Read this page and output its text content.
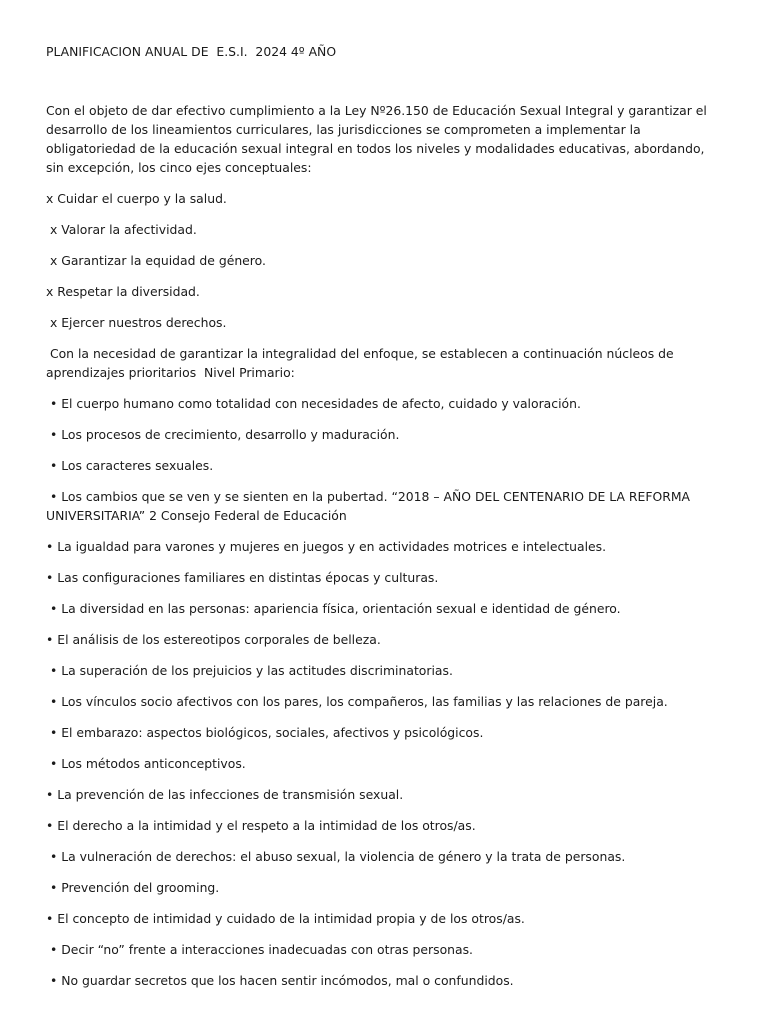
PLANIFICACION ANUAL DE  E.S.I.  2024 4º AÑO

Con el objeto de dar efectivo cumplimiento a la Ley Nº26.150 de Educación Sexual Integral y garantizar el desarrollo de los lineamientos curriculares, las jurisdicciones se comprometen a implementar la obligatoriedad de la educación sexual integral en todos los niveles y modalidades educativas, abordando, sin excepción, los cinco ejes conceptuales:

x Cuidar el cuerpo y la salud.

x Valorar la afectividad.

x Garantizar la equidad de género.

x Respetar la diversidad.

x Ejercer nuestros derechos.

Con la necesidad de garantizar la integralidad del enfoque, se establecen a continuación núcleos de aprendizajes prioritarios  Nivel Primario:

• El cuerpo humano como totalidad con necesidades de afecto, cuidado y valoración.

• Los procesos de crecimiento, desarrollo y maduración.

• Los caracteres sexuales.

• Los cambios que se ven y se sienten en la pubertad. “2018 – AÑO DEL CENTENARIO DE LA REFORMA UNIVERSITARIA” 2 Consejo Federal de Educación

• La igualdad para varones y mujeres en juegos y en actividades motrices e intelectuales.

• Las configuraciones familiares en distintas épocas y culturas.

• La diversidad en las personas: apariencia física, orientación sexual e identidad de género.

• El análisis de los estereotipos corporales de belleza.

• La superación de los prejuicios y las actitudes discriminatorias.

• Los vínculos socio afectivos con los pares, los compañeros, las familias y las relaciones de pareja.

• El embarazo: aspectos biológicos, sociales, afectivos y psicológicos.

• Los métodos anticonceptivos.

• La prevención de las infecciones de transmisión sexual.

• El derecho a la intimidad y el respeto a la intimidad de los otros/as.

• La vulneración de derechos: el abuso sexual, la violencia de género y la trata de personas.

• Prevención del grooming.

• El concepto de intimidad y cuidado de la intimidad propia y de los otros/as.

• Decir “no” frente a interacciones inadecuadas con otras personas.

• No guardar secretos que los hacen sentir incómodos, mal o confundidos.
